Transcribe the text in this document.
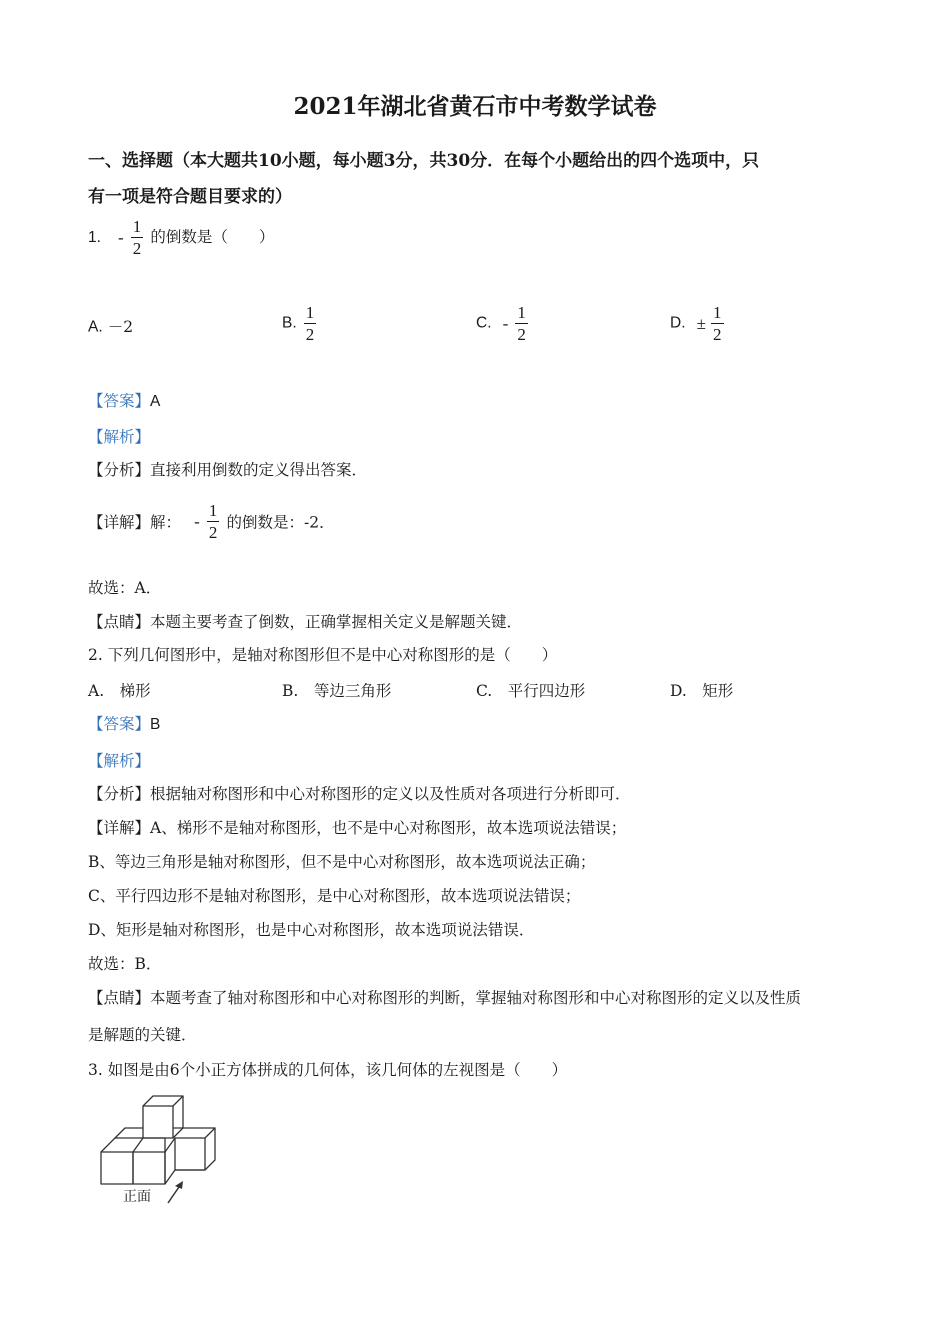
2021年湖北省黄石市中考数学试卷
一、选择题（本大题共10小题，每小题3分，共30分．在每个小题给出的四个选项中，只
有一项是符合题目要求的）
1. - $\frac{1}{2}$ 的倒数是（　　）
A. －2	B. $\frac{1}{2}$	C. - $\frac{1}{2}$	D. ± $\frac{1}{2}$
【答案】A
【解析】
【分析】直接利用倒数的定义得出答案．
【详解】解： - $\frac{1}{2}$ 的倒数是：-2．
故选：A．
【点睛】本题主要考查了倒数，正确掌握相关定义是解题关键．
2. 下列几何图形中，是轴对称图形但不是中心对称图形的是（　　）
A.　梯形	B.　等边三角形	C.　平行四边形	D.　矩形
【答案】B
【解析】
【分析】根据轴对称图形和中心对称图形的定义以及性质对各项进行分析即可．
【详解】A、梯形不是轴对称图形，也不是中心对称图形，故本选项说法错误；
B、等边三角形是轴对称图形，但不是中心对称图形，故本选项说法正确；
C、平行四边形不是轴对称图形，是中心对称图形，故本选项说法错误；
D、矩形是轴对称图形，也是中心对称图形，故本选项说法错误．
故选：B．
【点睛】本题考查了轴对称图形和中心对称图形的判断，掌握轴对称图形和中心对称图形的定义以及性质
是解题的关键．
3. 如图是由6个小正方体拼成的几何体，该几何体的左视图是（　　）
正面
